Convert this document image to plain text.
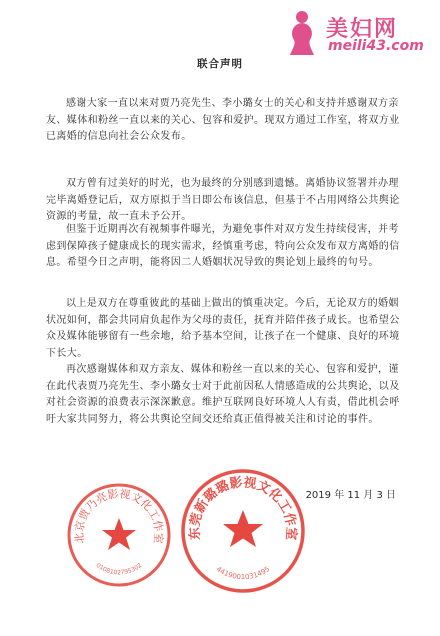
美妇网
meili43.com
联合声明

感谢大家一直以来对贾乃亮先生、李小璐女士的关心和支持并感谢双方亲友、媒体和粉丝一直以来的关心、包容和爱护。现双方通过工作室，将双方业已离婚的信息向社会公众发布。

双方曾有过美好的时光，也为最终的分别感到遗憾。离婚协议签署并办理完毕离婚登记后，双方原拟于当日即公布该信息，但基于不占用网络公共舆论资源的考量，故一直未予公开。

但鉴于近期再次有视频事件曝光，为避免事件对双方发生持续侵害，并考虑到保障孩子健康成长的现实需求，经慎重考虑，特向公众发布双方离婚的信息。希望今日之声明，能将因二人婚姻状况导致的舆论划上最终的句号。

以上是双方在尊重彼此的基础上做出的慎重决定。今后，无论双方的婚姻状况如何，都会共同肩负起作为父母的责任，抚育并陪伴孩子成长。也希望公众及媒体能够留有一些余地，给予基本空间，让孩子在一个健康、良好的环境下长大。

再次感谢媒体和双方亲友、媒体和粉丝一直以来的关心、包容和爱护，谨在此代表贾乃亮先生、李小璐女士对于此前因私人情感造成的公共舆论，以及对社会资源的浪费表示深深歉意。维护互联网良好环境人人有责，借此机会呼吁大家共同努力，将公共舆论空间交还给真正值得被关注和讨论的事件。

2019 年 11 月 3 日
北京贾乃亮影视文化工作室
0108102795302
东莞新璐璐影视文化工作室
4419001031495
